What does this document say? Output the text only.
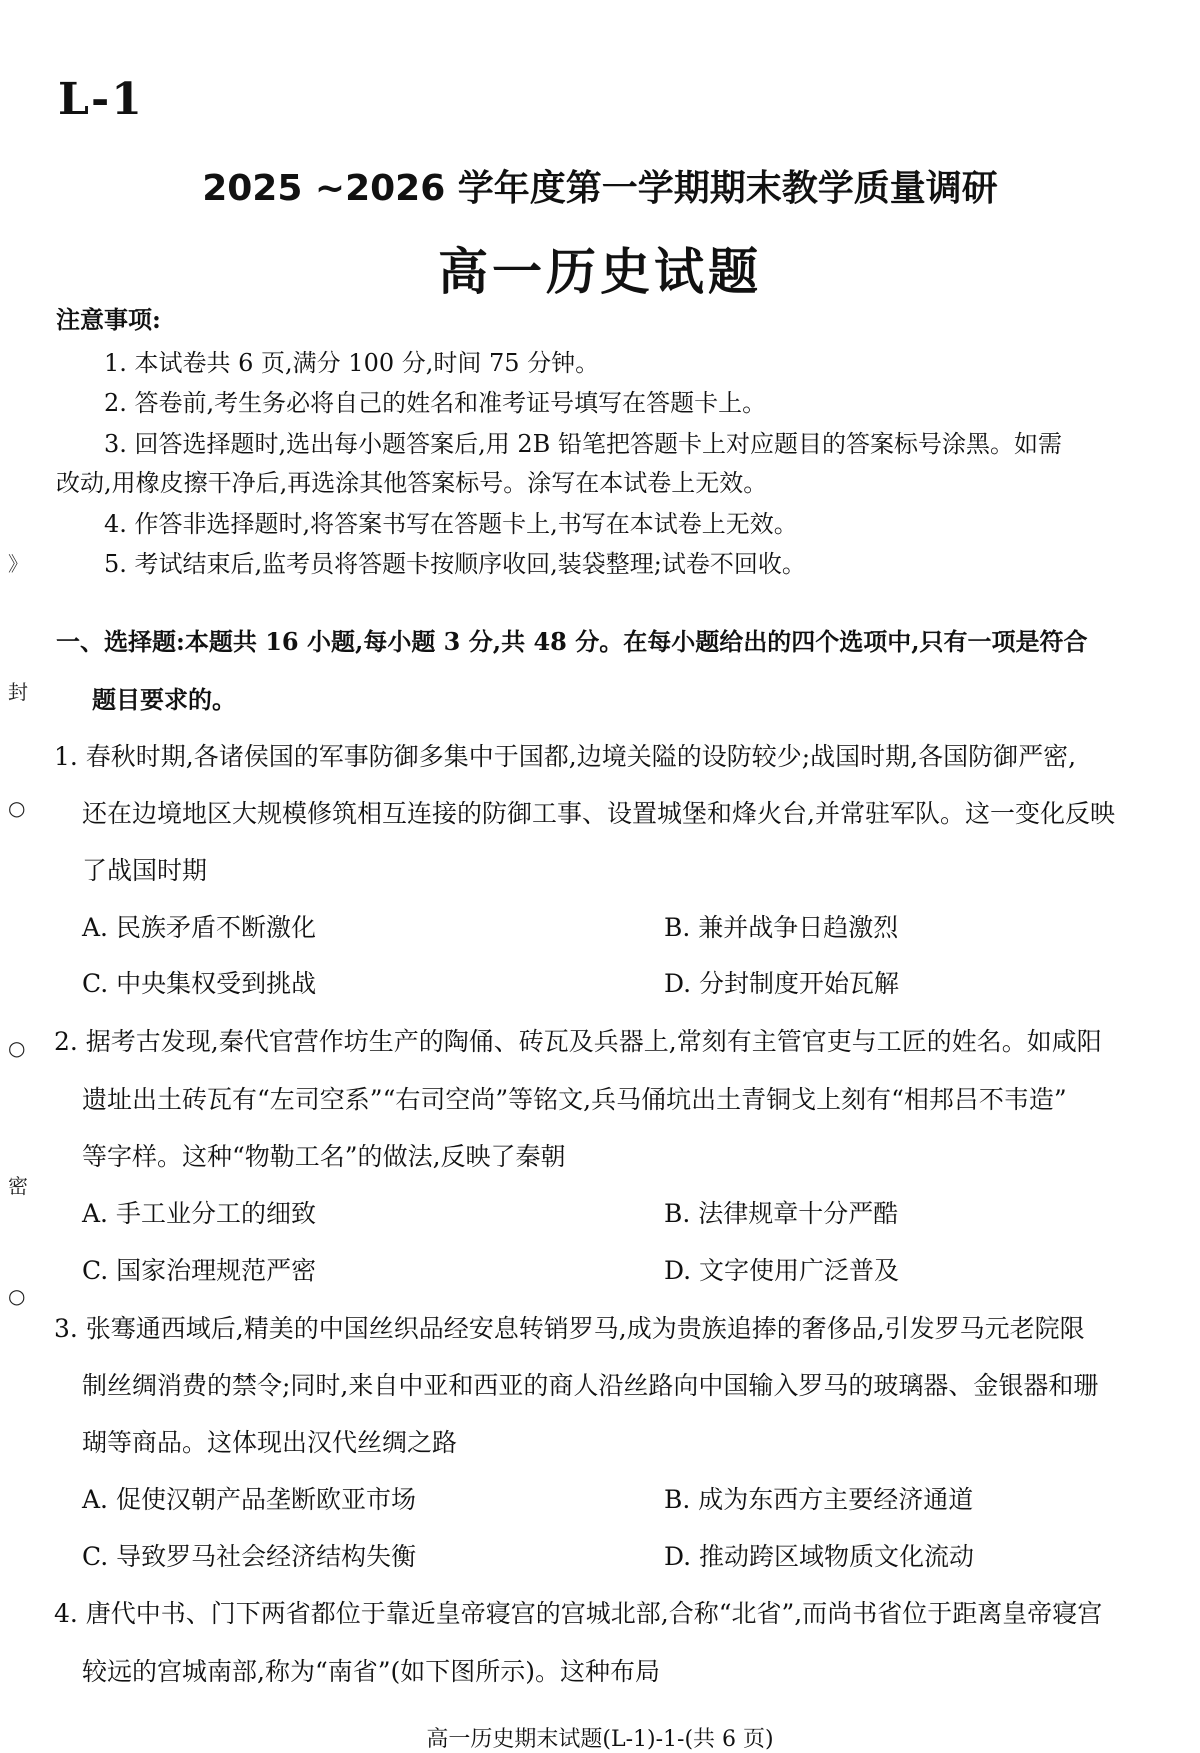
L-1
2025 ~2026 学年度第一学期期末教学质量调研
高一历史试题
注意事项:
1. 本试卷共 6 页,满分 100 分,时间 75 分钟。
2. 答卷前,考生务必将自己的姓名和准考证号填写在答题卡上。
3. 回答选择题时,选出每小题答案后,用 2B 铅笔把答题卡上对应题目的答案标号涂黑。如需
改动,用橡皮擦干净后,再选涂其他答案标号。涂写在本试卷上无效。
4. 作答非选择题时,将答案书写在答题卡上,书写在本试卷上无效。
5. 考试结束后,监考员将答题卡按顺序收回,装袋整理;试卷不回收。
一、选择题:本题共 16 小题,每小题 3 分,共 48 分。在每小题给出的四个选项中,只有一项是符合
题目要求的。
1. 春秋时期,各诸侯国的军事防御多集中于国都,边境关隘的设防较少;战国时期,各国防御严密,
还在边境地区大规模修筑相互连接的防御工事、设置城堡和烽火台,并常驻军队。这一变化反映
了战国时期
A. 民族矛盾不断激化	B. 兼并战争日趋激烈
C. 中央集权受到挑战	D. 分封制度开始瓦解
2. 据考古发现,秦代官营作坊生产的陶俑、砖瓦及兵器上,常刻有主管官吏与工匠的姓名。如咸阳
遗址出土砖瓦有“左司空系”“右司空尚”等铭文,兵马俑坑出土青铜戈上刻有“相邦吕不韦造”
等字样。这种“物勒工名”的做法,反映了秦朝
A. 手工业分工的细致	B. 法律规章十分严酷
C. 国家治理规范严密	D. 文字使用广泛普及
3. 张骞通西域后,精美的中国丝织品经安息转销罗马,成为贵族追捧的奢侈品,引发罗马元老院限
制丝绸消费的禁令;同时,来自中亚和西亚的商人沿丝路向中国输入罗马的玻璃器、金银器和珊
瑚等商品。这体现出汉代丝绸之路
A. 促使汉朝产品垄断欧亚市场	B. 成为东西方主要经济通道
C. 导致罗马社会经济结构失衡	D. 推动跨区域物质文化流动
4. 唐代中书、门下两省都位于靠近皇帝寝宫的宫城北部,合称“北省”,而尚书省位于距离皇帝寝宫
较远的宫城南部,称为“南省”(如下图所示)。这种布局
》
封
○
○
密
○
高一历史期末试题(L-1)-1-(共 6 页)
